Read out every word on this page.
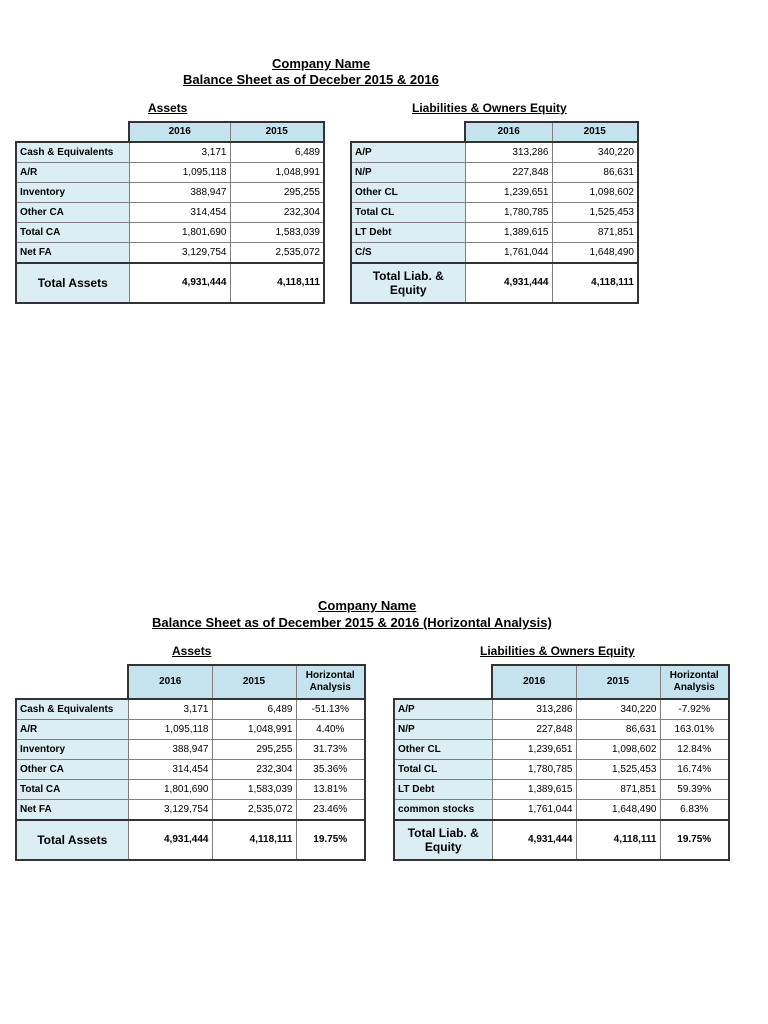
Company Name
Balance Sheet as of Deceber 2015 & 2016
Assets	Liabilities & Owners Equity
	2016	2015
Cash & Equivalents	3,171	6,489
A/R	1,095,118	1,048,991
Inventory	388,947	295,255
Other CA	314,454	232,304
Total CA	1,801,690	1,583,039
Net FA	3,129,754	2,535,072
Total Assets	4,931,444	4,118,111
	2016	2015
A/P	313,286	340,220
N/P	227,848	86,631
Other CL	1,239,651	1,098,602
Total CL	1,780,785	1,525,453
LT Debt	1,389,615	871,851
C/S	1,761,044	1,648,490
Total Liab. & Equity	4,931,444	4,118,111
Company Name
Balance Sheet as of December 2015 & 2016 (Horizontal Analysis)
Assets	Liabilities & Owners Equity
	2016	2015	Horizontal Analysis
Cash & Equivalents	3,171	6,489	-51.13%
A/R	1,095,118	1,048,991	4.40%
Inventory	388,947	295,255	31.73%
Other CA	314,454	232,304	35.36%
Total CA	1,801,690	1,583,039	13.81%
Net FA	3,129,754	2,535,072	23.46%
Total Assets	4,931,444	4,118,111	19.75%
	2016	2015	Horizontal Analysis
A/P	313,286	340,220	-7.92%
N/P	227,848	86,631	163.01%
Other CL	1,239,651	1,098,602	12.84%
Total CL	1,780,785	1,525,453	16.74%
LT Debt	1,389,615	871,851	59.39%
common stocks	1,761,044	1,648,490	6.83%
Total Liab. & Equity	4,931,444	4,118,111	19.75%
